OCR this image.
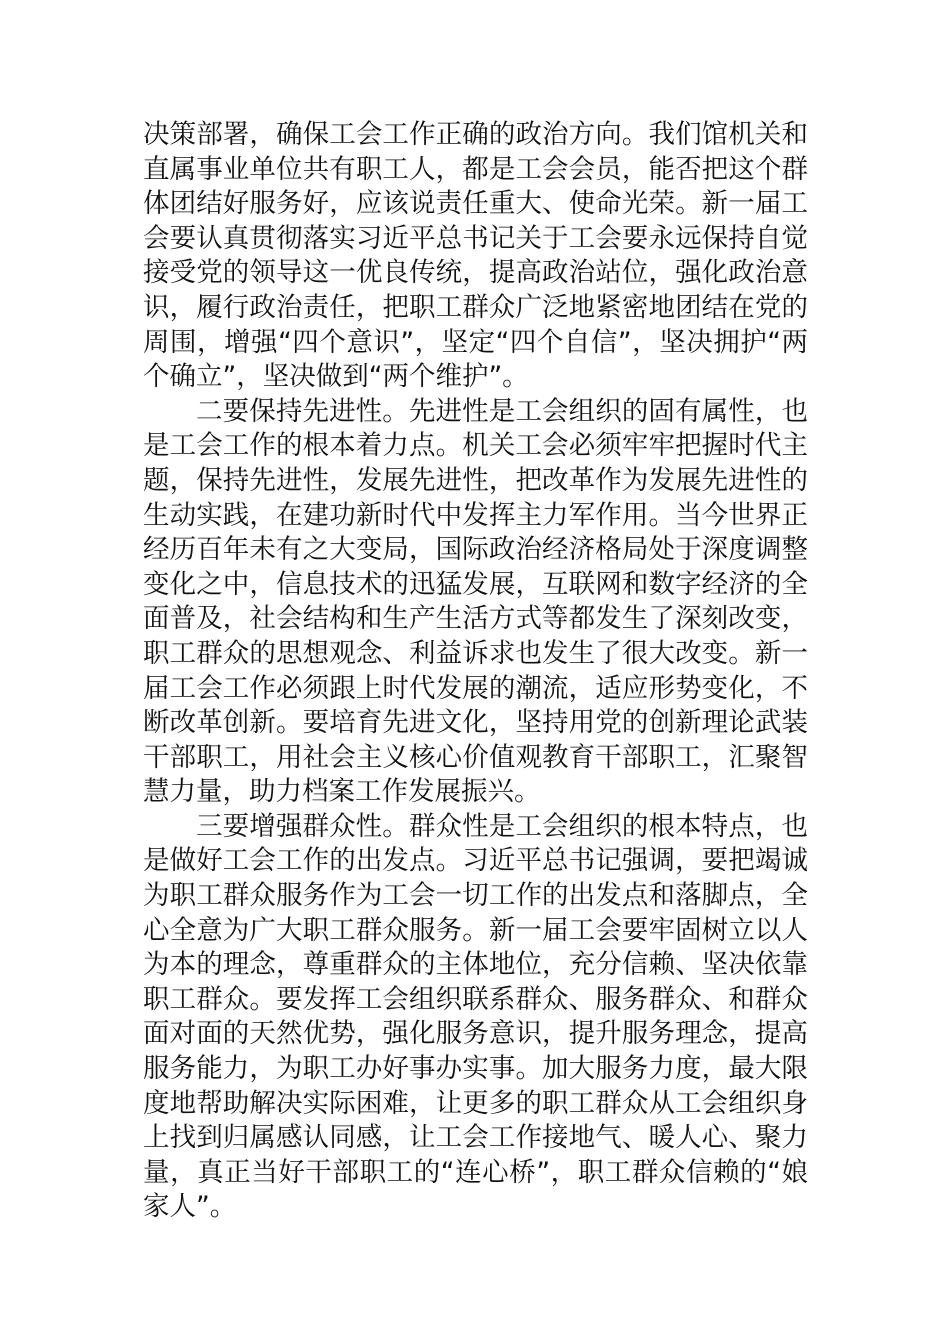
决策部署，确保工会工作正确的政治方向。我们馆机关和直属事业单位共有职工人，都是工会会员，能否把这个群体团结好服务好，应该说责任重大、使命光荣。新一届工会要认真贯彻落实习近平总书记关于工会要永远保持自觉接受党的领导这一优良传统，提高政治站位，强化政治意识，履行政治责任，把职工群众广泛地紧密地团结在党的周围，增强“四个意识”，坚定“四个自信”，坚决拥护“两个确立”，坚决做到“两个维护”。

二要保持先进性。先进性是工会组织的固有属性，也是工会工作的根本着力点。机关工会必须牢牢把握时代主题，保持先进性，发展先进性，把改革作为发展先进性的生动实践，在建功新时代中发挥主力军作用。当今世界正经历百年未有之大变局，国际政治经济格局处于深度调整变化之中，信息技术的迅猛发展，互联网和数字经济的全面普及，社会结构和生产生活方式等都发生了深刻改变，职工群众的思想观念、利益诉求也发生了很大改变。新一届工会工作必须跟上时代发展的潮流，适应形势变化，不断改革创新。要培育先进文化，坚持用党的创新理论武装干部职工，用社会主义核心价值观教育干部职工，汇聚智慧力量，助力档案工作发展振兴。

三要增强群众性。群众性是工会组织的根本特点，也是做好工会工作的出发点。习近平总书记强调，要把竭诚为职工群众服务作为工会一切工作的出发点和落脚点，全心全意为广大职工群众服务。新一届工会要牢固树立以人为本的理念，尊重群众的主体地位，充分信赖、坚决依靠职工群众。要发挥工会组织联系群众、服务群众、和群众面对面的天然优势，强化服务意识，提升服务理念，提高服务能力，为职工办好事办实事。加大服务力度，最大限度地帮助解决实际困难，让更多的职工群众从工会组织身上找到归属感认同感，让工会工作接地气、暖人心、聚力量，真正当好干部职工的“连心桥”，职工群众信赖的“娘家人”。
